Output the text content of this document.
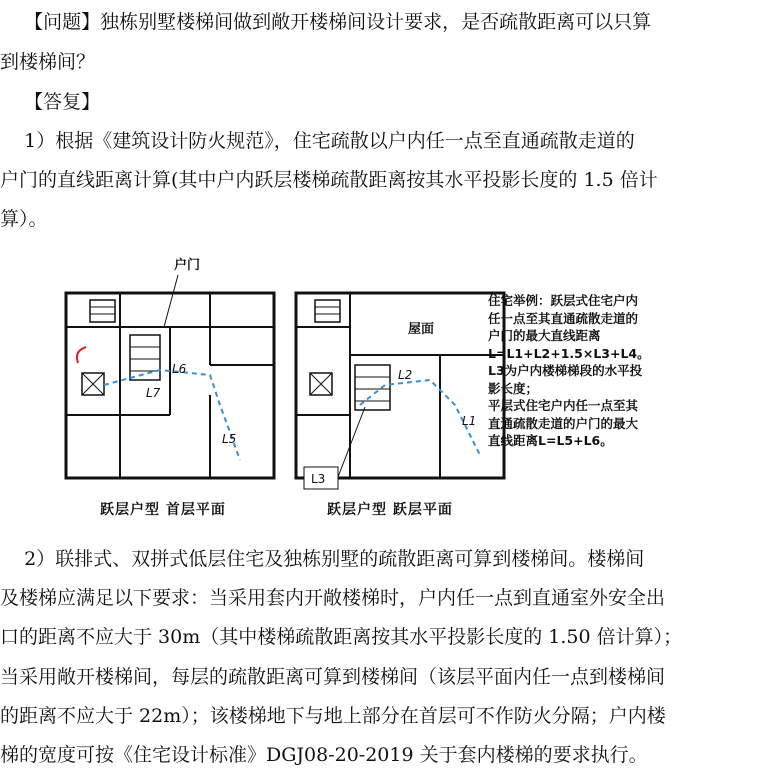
【问题】独栋别墅楼梯间做到敞开楼梯间设计要求，是否疏散距离可以只算
到楼梯间？
【答复】
1）根据《建筑设计防火规范》，住宅疏散以户内任一点至直通疏散走道的
户门的直线距离计算(其中户内跃层楼梯疏散距离按其水平投影长度的 1.5 倍计
算）。
户门
L6
L7
L5
屋面
L2
L1
L3
跃层户型 首层平面	跃层户型 跃层平面
住宅举例：跃层式住宅户内
任一点至其直通疏散走道的
户门的最大直线距离
L=L1+L2+1.5×L3+L4。
L3为户内楼梯梯段的水平投
影长度；
平层式住宅户内任一点至其
直通疏散走道的户门的最大
直线距离L=L5+L6。
2）联排式、双拼式低层住宅及独栋别墅的疏散距离可算到楼梯间。楼梯间
及楼梯应满足以下要求：当采用套内开敞楼梯时，户内任一点到直通室外安全出
口的距离不应大于 30m（其中楼梯疏散距离按其水平投影长度的 1.50 倍计算）；
当采用敞开楼梯间，每层的疏散距离可算到楼梯间（该层平面内任一点到楼梯间
的距离不应大于 22m）；该楼梯地下与地上部分在首层可不作防火分隔；户内楼
梯的宽度可按《住宅设计标准》DGJ08-20-2019 关于套内楼梯的要求执行。
